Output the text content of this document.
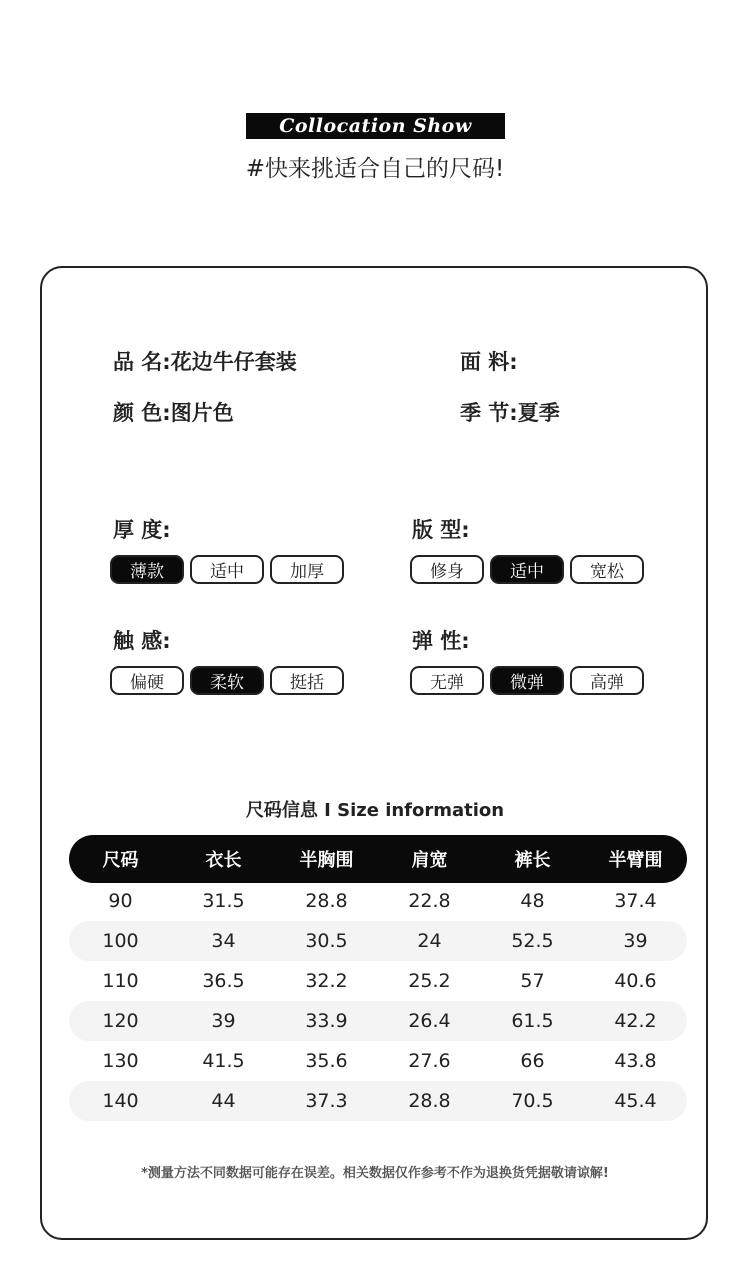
Collocation Show
#快来挑适合自己的尺码!
品 名:花边牛仔套装	面 料:
颜 色:图片色	季 节:夏季
厚 度:
薄款	适中	加厚
版 型:
修身	适中	宽松
触 感:
偏硬	柔软	挺括
弹 性:
无弹	微弹	高弹
尺码信息 I Size information
尺码	衣长	半胸围	肩宽	裤长	半臂围
90	31.5	28.8	22.8	48	37.4
100	34	30.5	24	52.5	39
110	36.5	32.2	25.2	57	40.6
120	39	33.9	26.4	61.5	42.2
130	41.5	35.6	27.6	66	43.8
140	44	37.3	28.8	70.5	45.4
*测量方法不同数据可能存在误差。相关数据仅作参考不作为退换货凭据敬请谅解!
